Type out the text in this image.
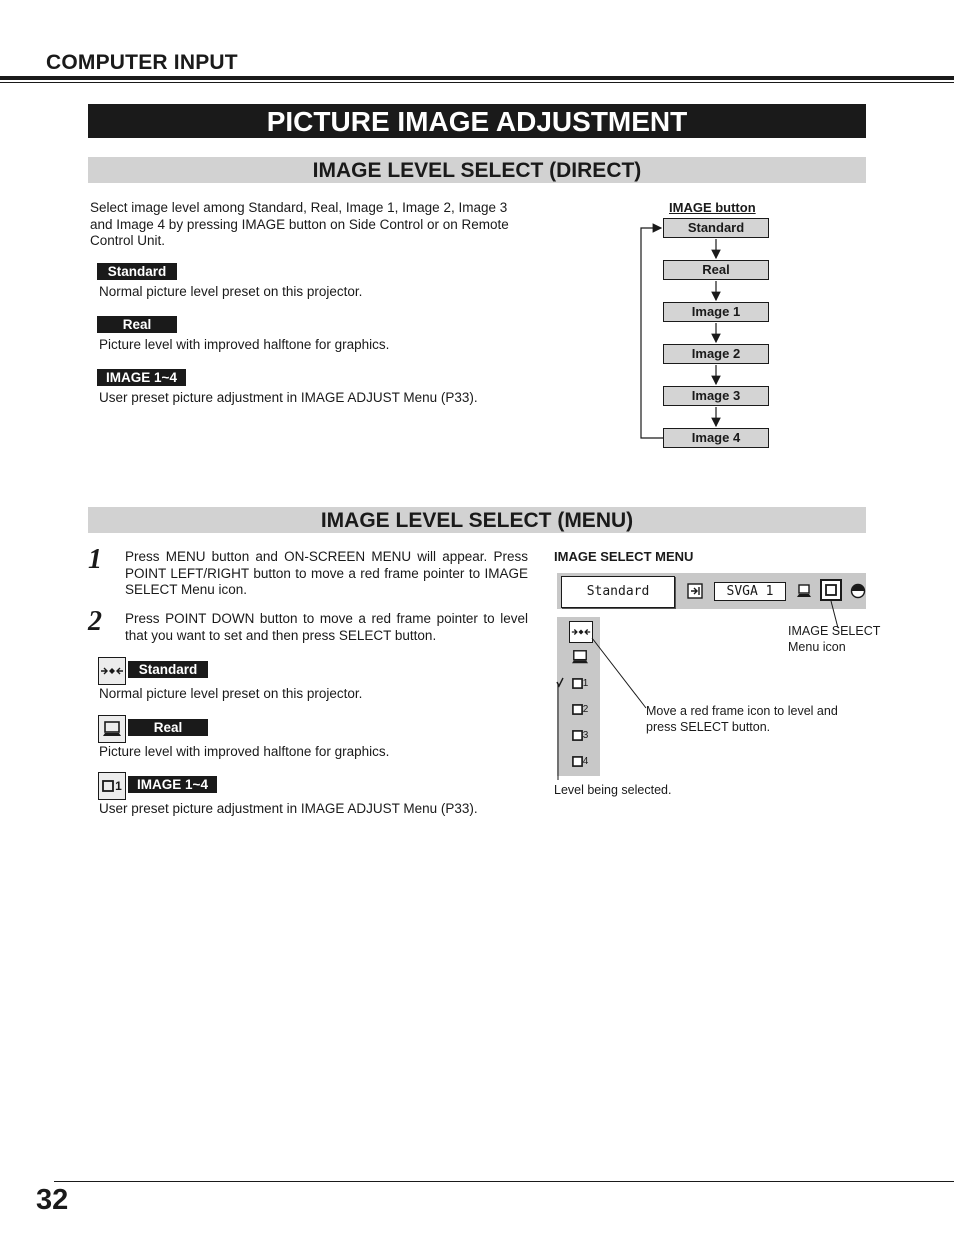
COMPUTER INPUT
PICTURE IMAGE ADJUSTMENT
IMAGE LEVEL SELECT (DIRECT)
Select image level among Standard, Real, Image 1, Image 2, Image 3 and Image 4 by pressing IMAGE button on Side Control or on Remote Control Unit.
Standard
Normal picture level preset on this projector.
Real
Picture level with improved halftone for graphics.
IMAGE 1~4
User preset picture adjustment in IMAGE ADJUST Menu (P33).
IMAGE button
Standard
Real
Image 1
Image 2
Image 3
Image 4
IMAGE LEVEL SELECT (MENU)
1 Press MENU button and ON-SCREEN MENU will appear. Press POINT LEFT/RIGHT button to move a red frame pointer to IMAGE SELECT Menu icon.
2 Press POINT DOWN button to move a red frame pointer to level that you want to set and then press SELECT button.
Standard
Normal picture level preset on this projector.
Real
Picture level with improved halftone for graphics.
1	IMAGE 1~4
User preset picture adjustment in IMAGE ADJUST Menu (P33).
IMAGE SELECT MENU
Standard	SVGA 1
1
2
3
4
IMAGE SELECT
Menu icon
Move a red frame icon to level and press SELECT button.
Level being selected.
32
